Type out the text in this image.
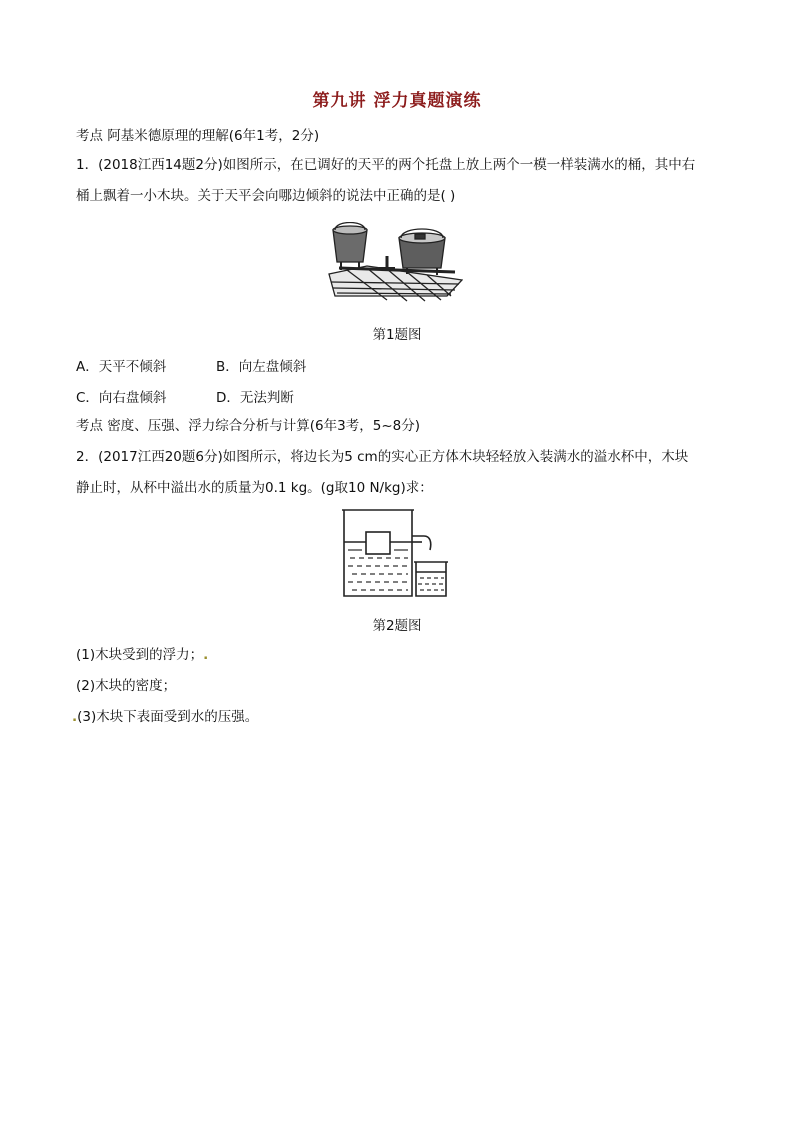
第九讲 浮力真题演练
考点 阿基米德原理的理解(6年1考，2分)
1．(2018江西14题2分)如图所示，在已调好的天平的两个托盘上放上两个一模一样装满水的桶，其中右
桶上飘着一小木块。关于天平会向哪边倾斜的说法中正确的是( )
第1题图
A．天平不倾斜	B．向左盘倾斜
C．向右盘倾斜	D．无法判断
考点 密度、压强、浮力综合分析与计算(6年3考，5~8分)
2．(2017江西20题6分)如图所示，将边长为5 cm的实心正方体木块轻轻放入装满水的溢水杯中，木块
静止时，从杯中溢出水的质量为0.1 kg。(g取10 N/kg)求：
第2题图
(1)木块受到的浮力；.
(2)木块的密度；
.(3)木块下表面受到水的压强。
